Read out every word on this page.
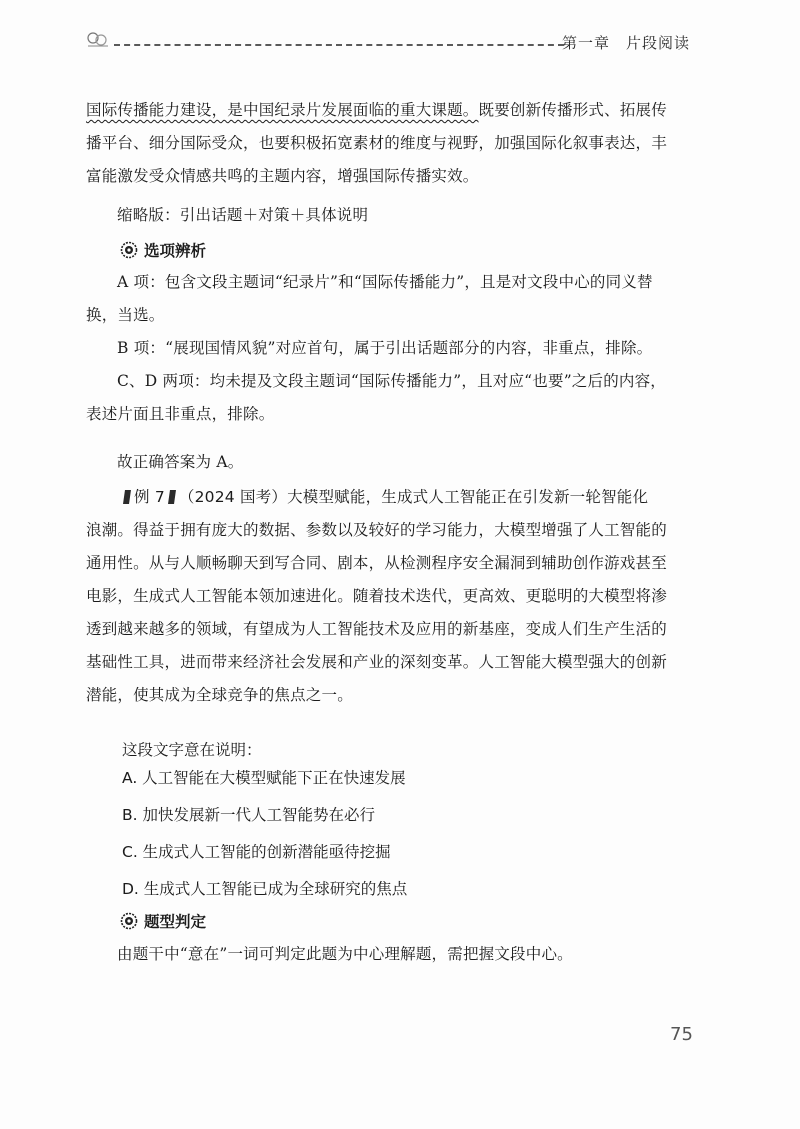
第一章 片段阅读

国际传播能力建设，是中国纪录片发展面临的重大课题。既要创新传播形式、拓展传

播平台、细分国际受众，也要积极拓宽素材的维度与视野，加强国际化叙事表达，丰

富能激发受众情感共鸣的主题内容，增强国际传播实效。

缩略版：引出话题＋对策＋具体说明
选项辨析

A 项：包含文段主题词“纪录片”和“国际传播能力”，且是对文段中心的同义替

换，当选。

B 项：“展现国情风貌”对应首句，属于引出话题部分的内容，非重点，排除。

C、D 两项：均未提及文段主题词“国际传播能力”，且对应“也要”之后的内容，

表述片面且非重点，排除。

故正确答案为 A。

例 7 （2024 国考）大模型赋能，生成式人工智能正在引发新一轮智能化

浪潮。得益于拥有庞大的数据、参数以及较好的学习能力，大模型增强了人工智能的

通用性。从与人顺畅聊天到写合同、剧本，从检测程序安全漏洞到辅助创作游戏甚至

电影，生成式人工智能本领加速进化。随着技术迭代，更高效、更聪明的大模型将渗

透到越来越多的领域，有望成为人工智能技术及应用的新基座，变成人们生产生活的

基础性工具，进而带来经济社会发展和产业的深刻变革。人工智能大模型强大的创新

潜能，使其成为全球竞争的焦点之一。

这段文字意在说明：
A. 人工智能在大模型赋能下正在快速发展
B. 加快发展新一代人工智能势在必行
C. 生成式人工智能的创新潜能亟待挖掘
D. 生成式人工智能已成为全球研究的焦点
题型判定
由题干中“意在”一词可判定此题为中心理解题，需把握文段中心。
75
